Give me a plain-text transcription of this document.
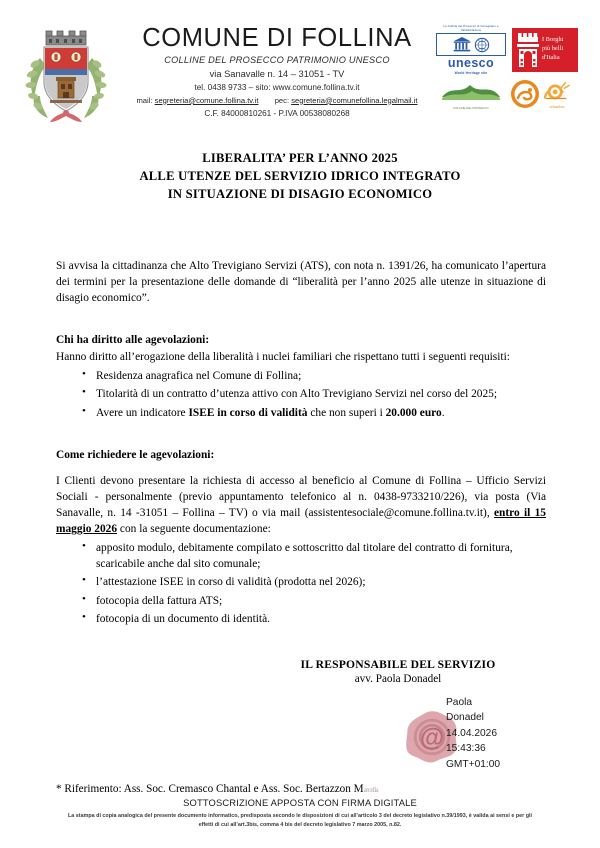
COMUNE DI FOLLINA
COLLINE DEL PROSECCO PATRIMONIO UNESCO
via Sanavalle n. 14 – 31051 - TV
tel. 0438 9733 – sito: www.comune.follina.tv.it
mail: segreteria@comune.follina.tv.it pec: segreteria@comunefollina.legalmail.it
C.F. 84000810261 - P.IVA 00538080268
La Collina del Prosecco di Conegliano e Valdobbiadene
unesco
World Heritage site
I Borghi
più belli
d'Italia
COLLINE DEL PROSECCO	cittaslow
LIBERALITA’ PER L’ANNO 2025
ALLE UTENZE DEL SERVIZIO IDRICO INTEGRATO
IN SITUAZIONE DI DISAGIO ECONOMICO
Si avvisa la cittadinanza che Alto Trevigiano Servizi (ATS), con nota n. 1391/26, ha comunicato l’apertura dei termini per la presentazione delle domande di “liberalità per l’anno 2025 alle utenze in situazione di disagio economico”.
Chi ha diritto alle agevolazioni:
Hanno diritto all’erogazione della liberalità i nuclei familiari che rispettano tutti i seguenti requisiti:
• Residenza anagrafica nel Comune di Follina;
• Titolarità di un contratto d’utenza attivo con Alto Trevigiano Servizi nel corso del 2025;
• Avere un indicatore ISEE in corso di validità che non superi i 20.000 euro.
Come richiedere le agevolazioni:
I Clienti devono presentare la richiesta di accesso al beneficio al Comune di Follina – Ufficio Servizi Sociali - personalmente (previo appuntamento telefonico al n. 0438-9733210/226), via posta (Via Sanavalle, n. 14 -31051 – Follina – TV) o via mail (assistentesociale@comune.follina.tv.it), entro il 15 maggio 2026 con la seguente documentazione:
• apposito modulo, debitamente compilato e sottoscritto dal titolare del contratto di fornitura, scaricabile anche dal sito comunale;
• l’attestazione ISEE in corso di validità (prodotta nel 2026);
• fotocopia della fattura ATS;
• fotocopia di un documento di identità.
IL RESPONSABILE DEL SERVIZIO
avv. Paola Donadel
@
Paola
Donadel
14.04.2026
15:43:36
GMT+01:00
* Riferimento: Ass. Soc. Cremasco Chantal e Ass. Soc. Bertazzon Marcella
SOTTOSCRIZIONE APPOSTA CON FIRMA DIGITALE
La stampa di copia analogica del presente documento informatico, predisposta secondo le disposizioni di cui all’articolo 3 del decreto legislativo n.39/1993, è valida ai sensi e per gli effetti di cui all’art.3bis, comma 4 bis del decreto legislativo 7 marzo 2005, n.82.
